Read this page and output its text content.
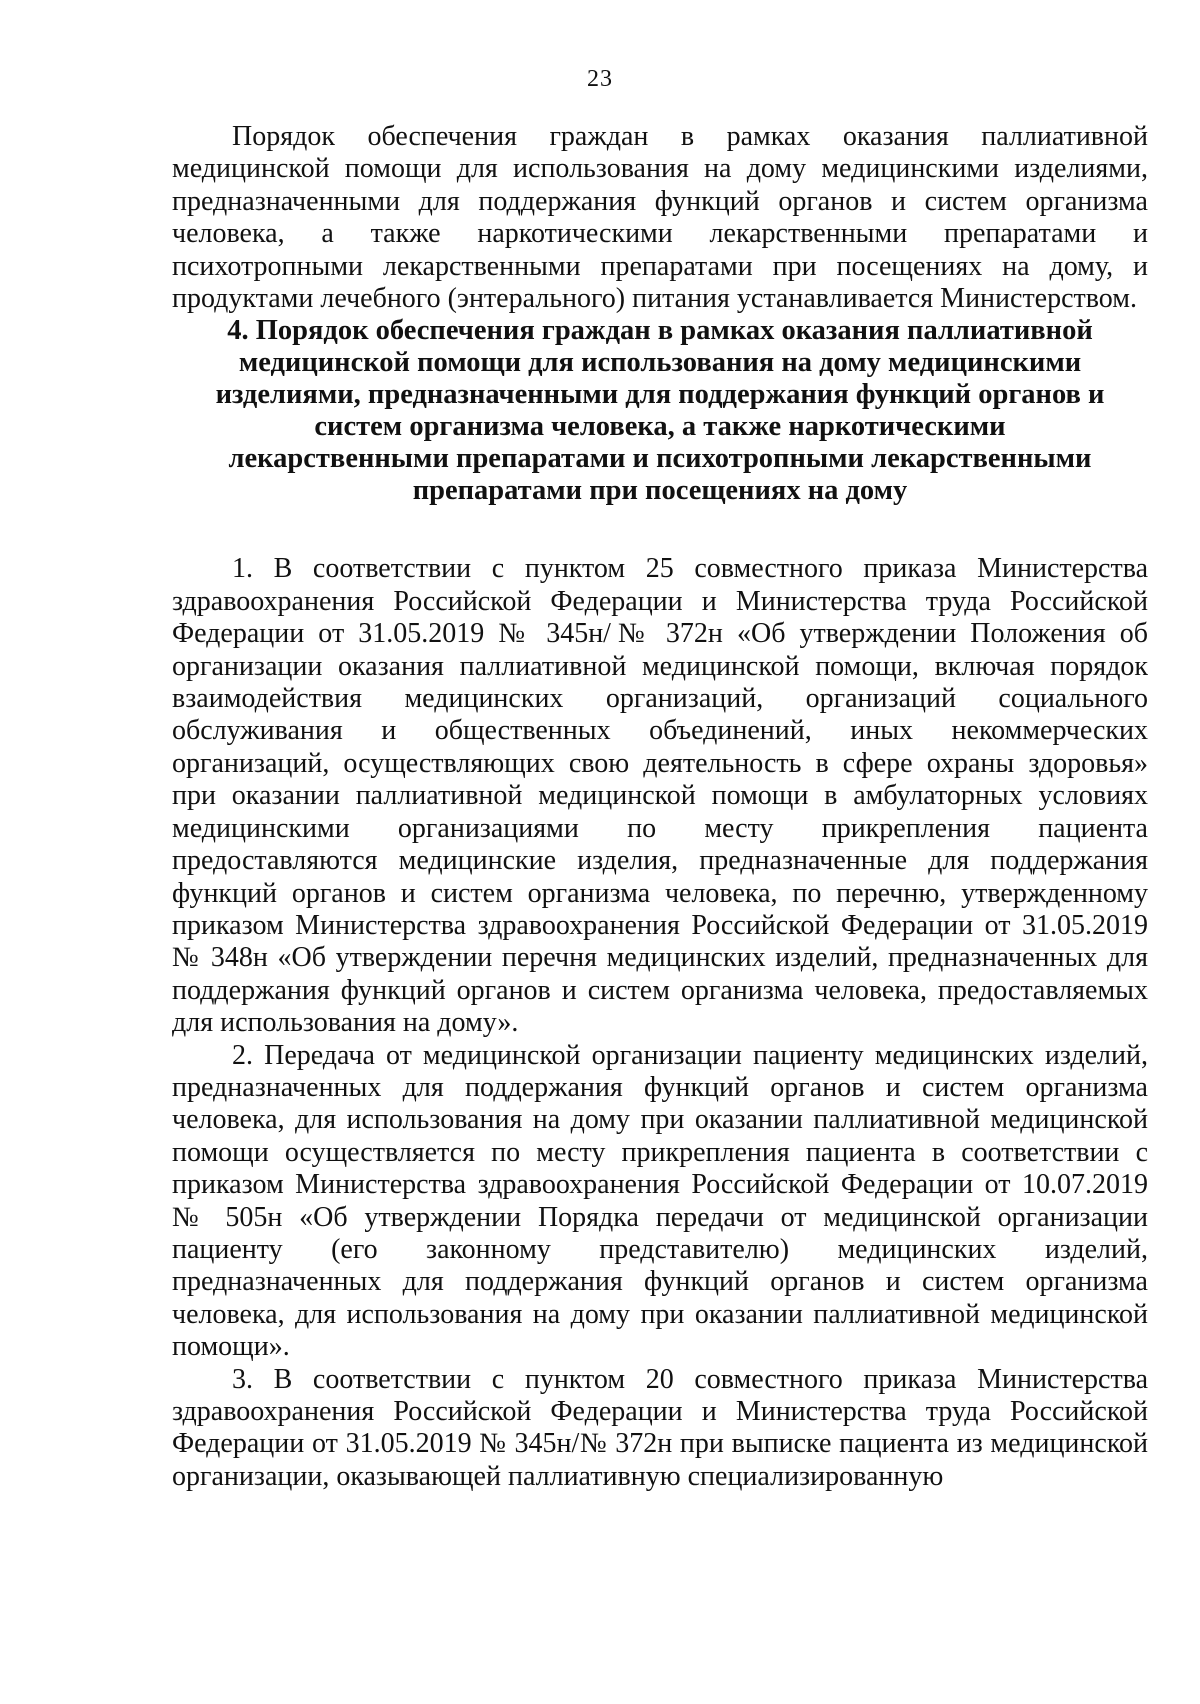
23

Порядок обеспечения граждан в рамках оказания паллиативной медицинской помощи для использования на дому медицинскими изделиями, предназначенными для поддержания функций органов и систем организма человека, а также наркотическими лекарственными препаратами и психотропными лекарственными препаратами при посещениях на дому, и продуктами лечебного (энтерального) питания устанавливается Министерством.

4. Порядок обеспечения граждан в рамках оказания паллиативной медицинской помощи для использования на дому медицинскими изделиями, предназначенными для поддержания функций органов и систем организма человека, а также наркотическими лекарственными препаратами и психотропными лекарственными препаратами при посещениях на дому

1. В соответствии с пунктом 25 совместного приказа Министерства здравоохранения Российской Федерации и Министерства труда Российской Федерации от 31.05.2019 № 345н/№ 372н «Об утверждении Положения об организации оказания паллиативной медицинской помощи, включая порядок взаимодействия медицинских организаций, организаций социального обслуживания и общественных объединений, иных некоммерческих организаций, осуществляющих свою деятельность в сфере охраны здоровья» при оказании паллиативной медицинской помощи в амбулаторных условиях медицинскими организациями по месту прикрепления пациента предоставляются медицинские изделия, предназначенные для поддержания функций органов и систем организма человека, по перечню, утвержденному приказом Министерства здравоохранения Российской Федерации от 31.05.2019 № 348н «Об утверждении перечня медицинских изделий, предназначенных для поддержания функций органов и систем организма человека, предоставляемых для использования на дому».

2. Передача от медицинской организации пациенту медицинских изделий, предназначенных для поддержания функций органов и систем организма человека, для использования на дому при оказании паллиативной медицинской помощи осуществляется по месту прикрепления пациента в соответствии с приказом Министерства здравоохранения Российской Федерации от 10.07.2019 № 505н «Об утверждении Порядка передачи от медицинской организации пациенту (его законному представителю) медицинских изделий, предназначенных для поддержания функций органов и систем организма человека, для использования на дому при оказании паллиативной медицинской помощи».

3. В соответствии с пунктом 20 совместного приказа Министерства здравоохранения Российской Федерации и Министерства труда Российской Федерации от 31.05.2019 № 345н/№ 372н при выписке пациента из медицинской организации, оказывающей паллиативную специализированную
